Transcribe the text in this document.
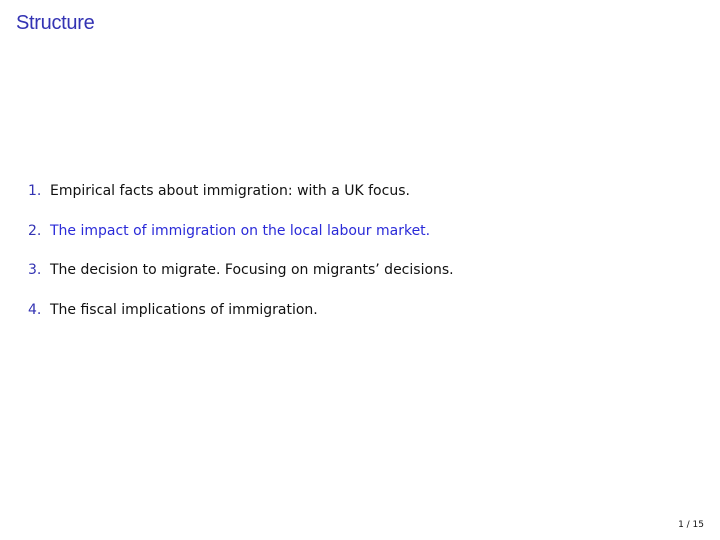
Structure
1. Empirical facts about immigration: with a UK focus.
2. The impact of immigration on the local labour market.
3. The decision to migrate. Focusing on migrants’ decisions.
4. The fiscal implications of immigration.
1 / 15
